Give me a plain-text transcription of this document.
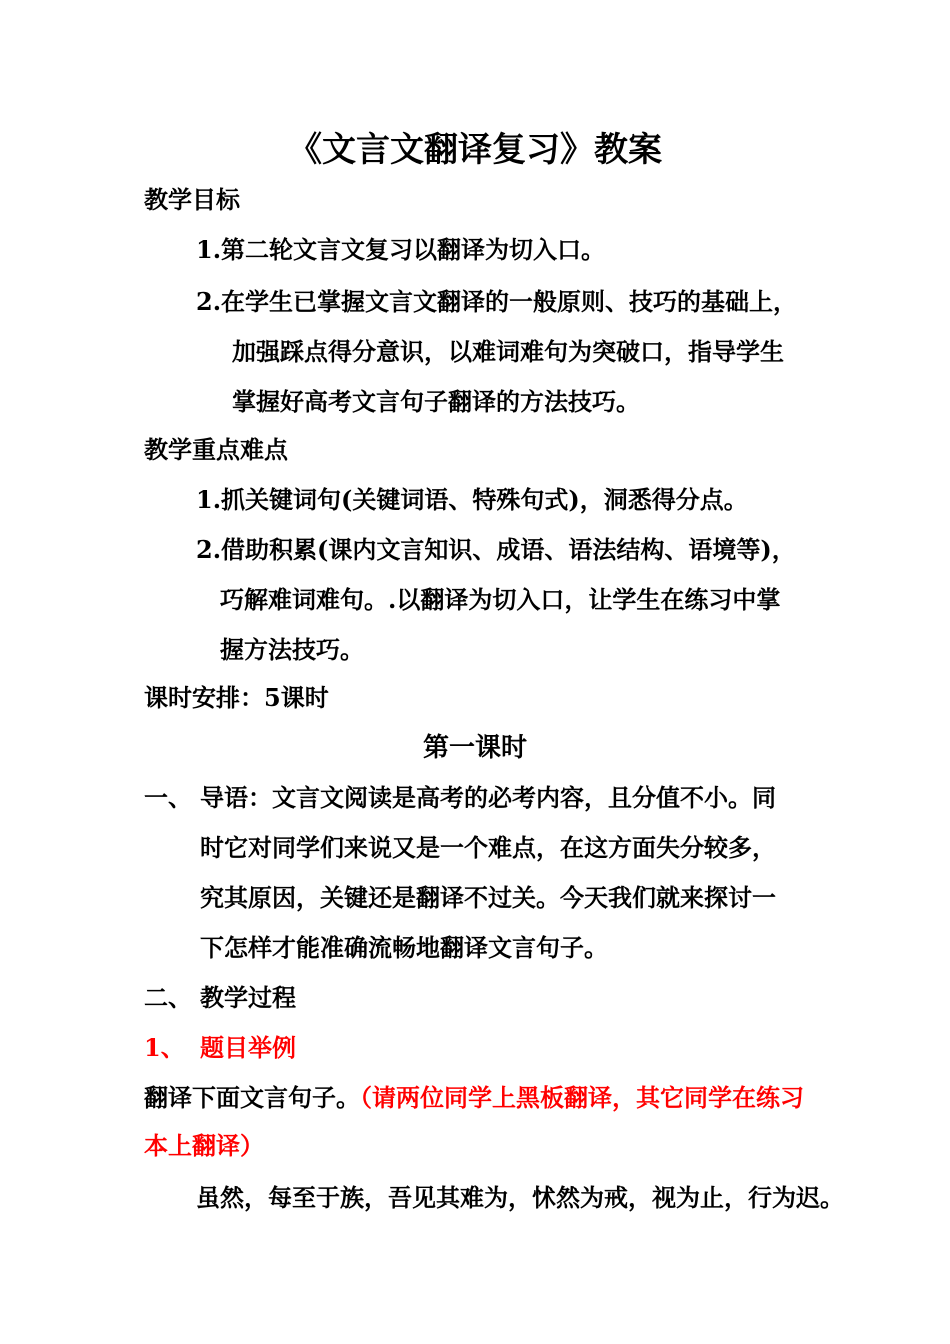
《文言文翻译复习》教案
教学目标
1.第二轮文言文复习以翻译为切入口。
2.在学生已掌握文言文翻译的一般原则、技巧的基础上，
加强踩点得分意识，以难词难句为突破口，指导学生
掌握好高考文言句子翻译的方法技巧。
教学重点难点
1.抓关键词句(关键词语、特殊句式)，洞悉得分点。
2.借助积累(课内文言知识、成语、语法结构、语境等)，
巧解难词难句。.以翻译为切入口，让学生在练习中掌
握方法技巧。
课时安排：5课时
第一课时
一、 导语：文言文阅读是高考的必考内容，且分值不小。同
时它对同学们来说又是一个难点，在这方面失分较多，
究其原因，关键还是翻译不过关。今天我们就来探讨一
下怎样才能准确流畅地翻译文言句子。
二、 教学过程
1、 题目举例
翻译下面文言句子。（请两位同学上黑板翻译，其它同学在练习
本上翻译）
虽然，每至于族，吾见其难为，怵然为戒，视为止，行为迟。
